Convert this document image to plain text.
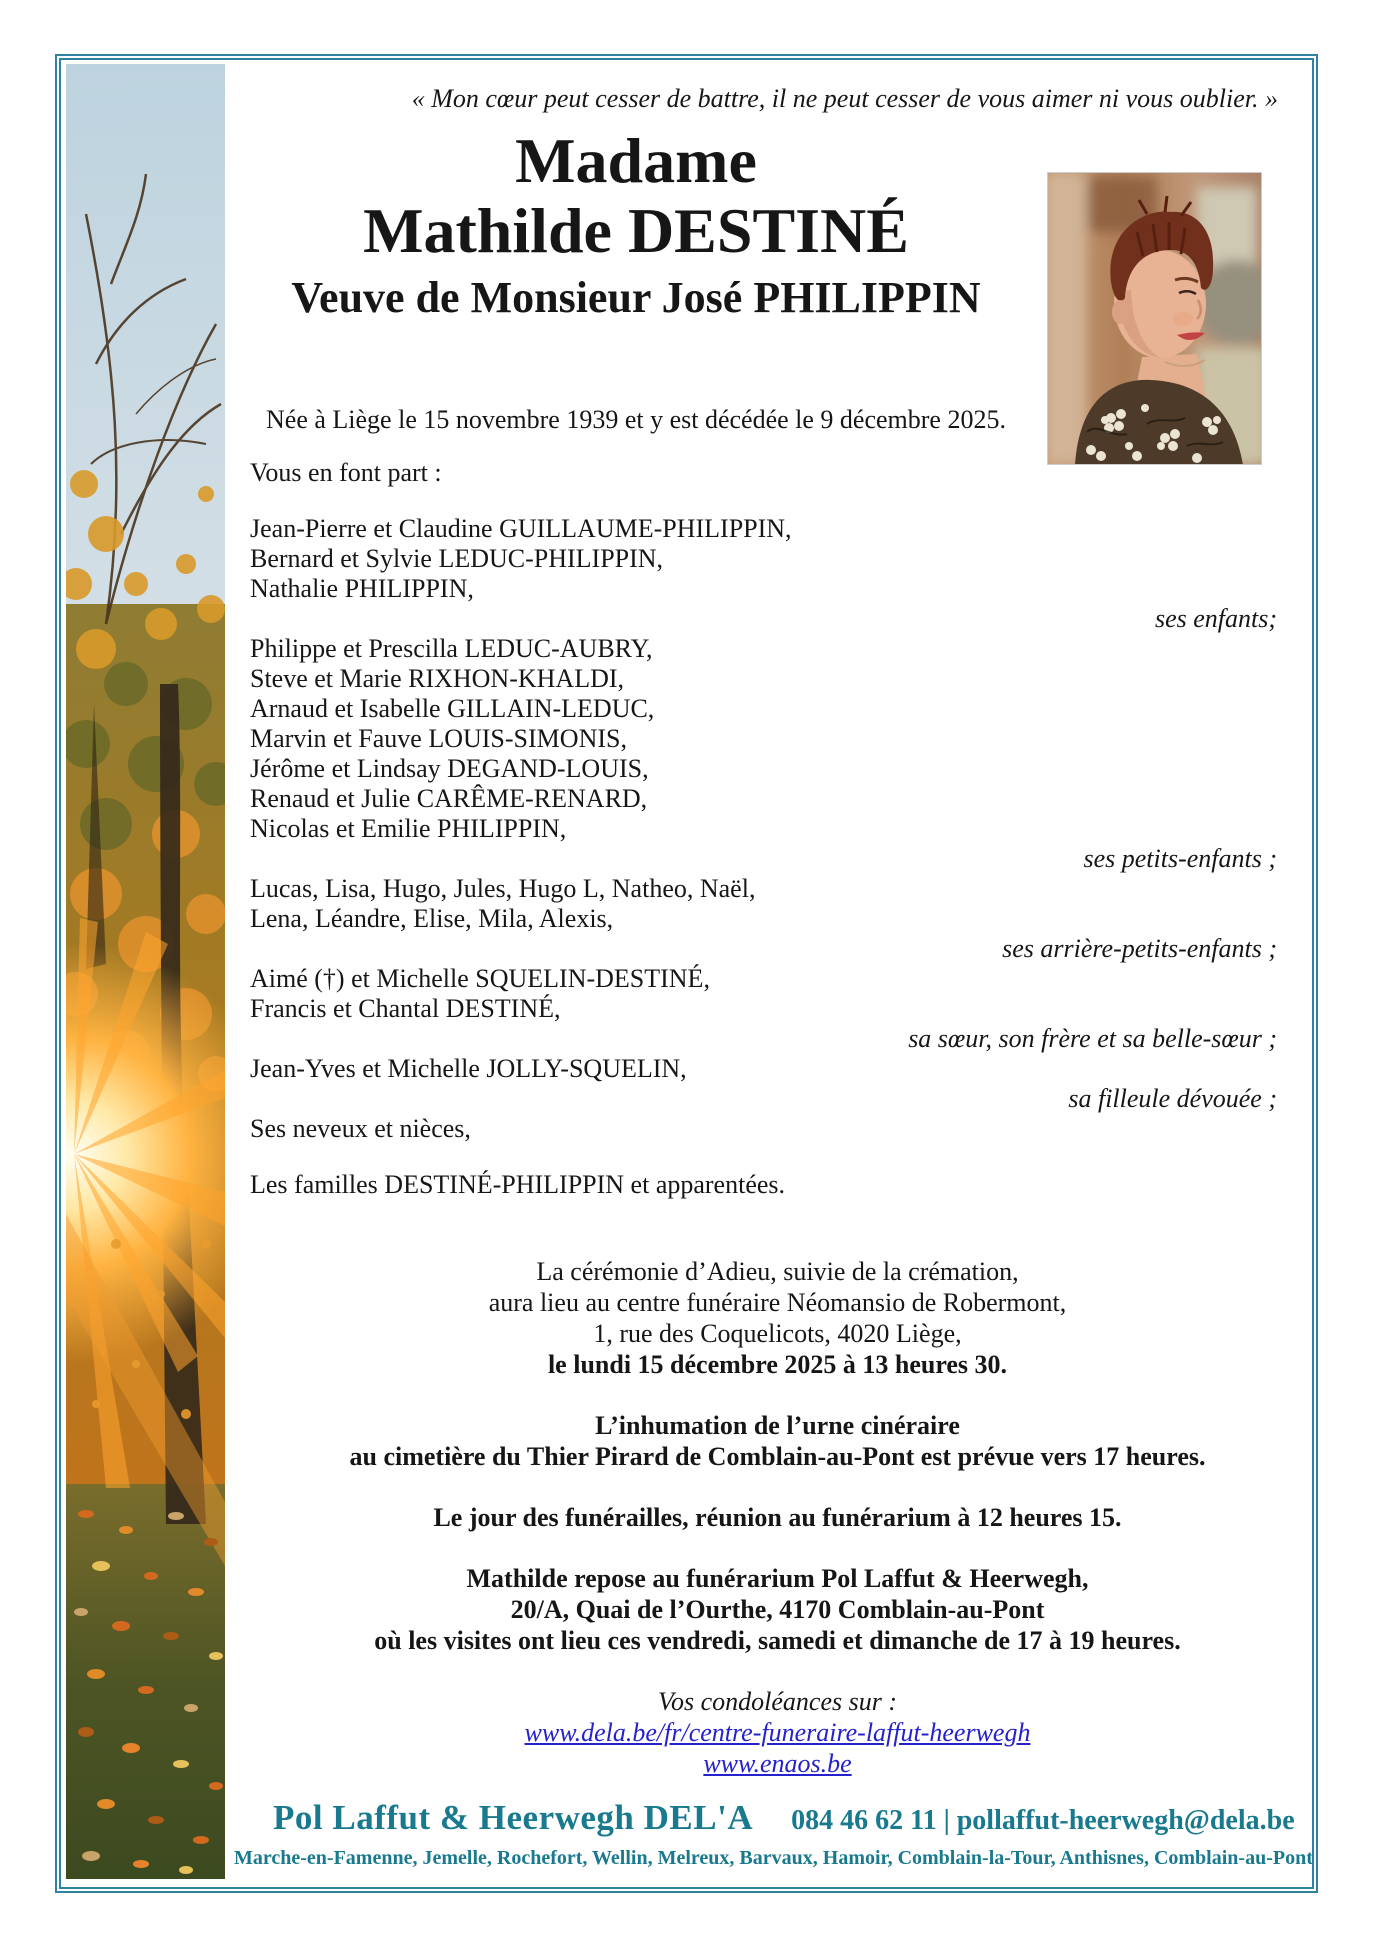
« Mon cœur peut cesser de battre, il ne peut cesser de vous aimer ni vous oublier. »
Madame
Mathilde DESTINÉ
Veuve de Monsieur José PHILIPPIN
Née à Liège le 15 novembre 1939 et y est décédée le 9 décembre 2025.
Vous en font part :
Jean-Pierre et Claudine GUILLAUME-PHILIPPIN,
Bernard et Sylvie LEDUC-PHILIPPIN,
Nathalie PHILIPPIN,
ses enfants;
Philippe et Prescilla LEDUC-AUBRY,
Steve et Marie RIXHON-KHALDI,
Arnaud et Isabelle GILLAIN-LEDUC,
Marvin et Fauve LOUIS-SIMONIS,
Jérôme et Lindsay DEGAND-LOUIS,
Renaud et Julie CARÊME-RENARD,
Nicolas et Emilie PHILIPPIN,
ses petits-enfants ;
Lucas, Lisa, Hugo, Jules, Hugo L, Natheo, Naël,
Lena, Léandre, Elise, Mila, Alexis,
ses arrière-petits-enfants ;
Aimé (†) et Michelle SQUELIN-DESTINÉ,
Francis et Chantal DESTINÉ,
sa sœur, son frère et sa belle-sœur ;
Jean-Yves et Michelle JOLLY-SQUELIN,
sa filleule dévouée ;
Ses neveux et nièces,
Les familles DESTINÉ-PHILIPPIN et apparentées.
La cérémonie d’Adieu, suivie de la crémation,
aura lieu au centre funéraire Néomansio de Robermont,
1, rue des Coquelicots, 4020 Liège,
le lundi 15 décembre 2025 à 13 heures 30.
L’inhumation de l’urne cinéraire
au cimetière du Thier Pirard de Comblain-au-Pont est prévue vers 17 heures.
Le jour des funérailles, réunion au funérarium à 12 heures 15.
Mathilde repose au funérarium Pol Laffut & Heerwegh,
20/A, Quai de l’Ourthe, 4170 Comblain-au-Pont
où les visites ont lieu ces vendredi, samedi et dimanche de 17 à 19 heures.
Vos condoléances sur :
www.dela.be/fr/centre-funeraire-laffut-heerwegh
www.enaos.be
Pol Laffut & Heerwegh DEL'A 084 46 62 11 | pollaffut-heerwegh@dela.be
Marche-en-Famenne, Jemelle, Rochefort, Wellin, Melreux, Barvaux, Hamoir, Comblain-la-Tour, Anthisnes, Comblain-au-Pont
